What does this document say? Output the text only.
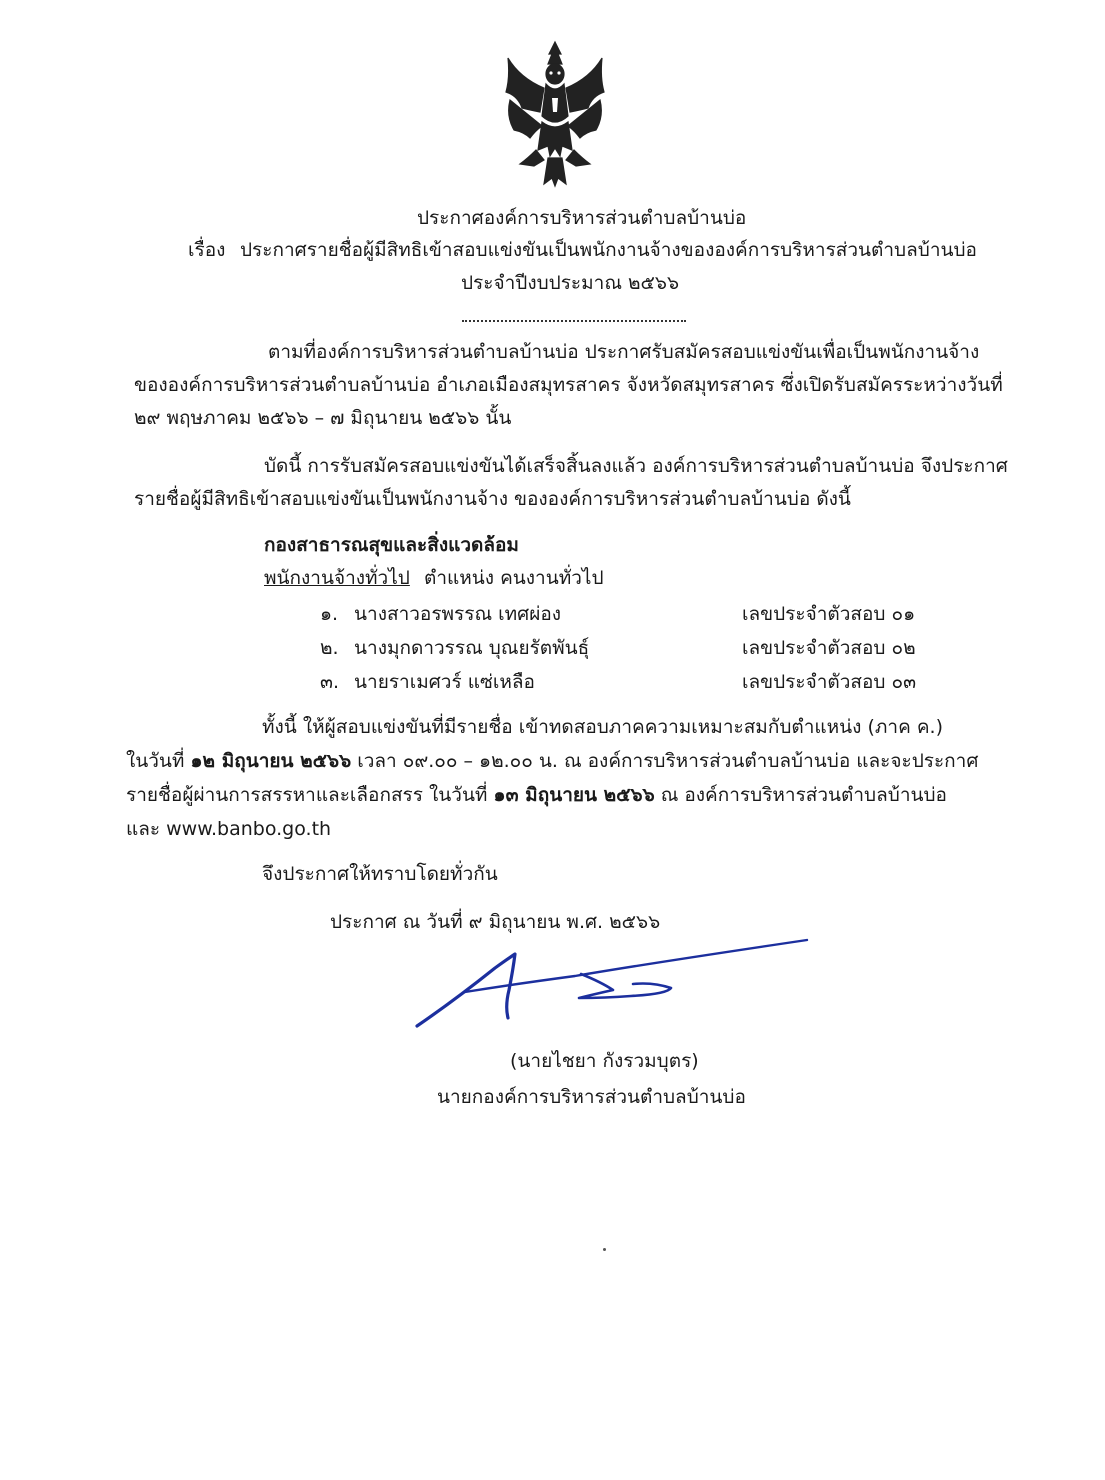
ประกาศองค์การบริหารส่วนตำบลบ้านบ่อ
เรื่อง ประกาศรายชื่อผู้มีสิทธิเข้าสอบแข่งขันเป็นพนักงานจ้างขององค์การบริหารส่วนตำบลบ้านบ่อ
ประจำปีงบประมาณ ๒๕๖๖
ตามที่องค์การบริหารส่วนตำบลบ้านบ่อ ประกาศรับสมัครสอบแข่งขันเพื่อเป็นพนักงานจ้าง
ขององค์การบริหารส่วนตำบลบ้านบ่อ อำเภอเมืองสมุทรสาคร จังหวัดสมุทรสาคร ซึ่งเปิดรับสมัครระหว่างวันที่
๒๙ พฤษภาคม ๒๕๖๖ – ๗ มิถุนายน ๒๕๖๖ นั้น
บัดนี้ การรับสมัครสอบแข่งขันได้เสร็จสิ้นลงแล้ว องค์การบริหารส่วนตำบลบ้านบ่อ จึงประกาศ
รายชื่อผู้มีสิทธิเข้าสอบแข่งขันเป็นพนักงานจ้าง ขององค์การบริหารส่วนตำบลบ้านบ่อ ดังนี้
กองสาธารณสุขและสิ่งแวดล้อม
พนักงานจ้างทั่วไป ตำแหน่ง คนงานทั่วไป
๑. นางสาวอรพรรณ เทศผ่อง	เลขประจำตัวสอบ ๐๑
๒. นางมุกดาวรรณ บุณยรัตพันธุ์	เลขประจำตัวสอบ ๐๒
๓. นายราเมศวร์ แซ่เหลือ	เลขประจำตัวสอบ ๐๓
ทั้งนี้ ให้ผู้สอบแข่งขันที่มีรายชื่อ เข้าทดสอบภาคความเหมาะสมกับตำแหน่ง (ภาค ค.)
ในวันที่ ๑๒ มิถุนายน ๒๕๖๖ เวลา ๐๙.๐๐ – ๑๒.๐๐ น. ณ องค์การบริหารส่วนตำบลบ้านบ่อ และจะประกาศ
รายชื่อผู้ผ่านการสรรหาและเลือกสรร ในวันที่ ๑๓ มิถุนายน ๒๕๖๖ ณ องค์การบริหารส่วนตำบลบ้านบ่อ
และ www.banbo.go.th
จึงประกาศให้ทราบโดยทั่วกัน
ประกาศ ณ วันที่ ๙ มิถุนายน พ.ศ. ๒๕๖๖
(นายไชยา กังรวมบุตร)
นายกองค์การบริหารส่วนตำบลบ้านบ่อ
